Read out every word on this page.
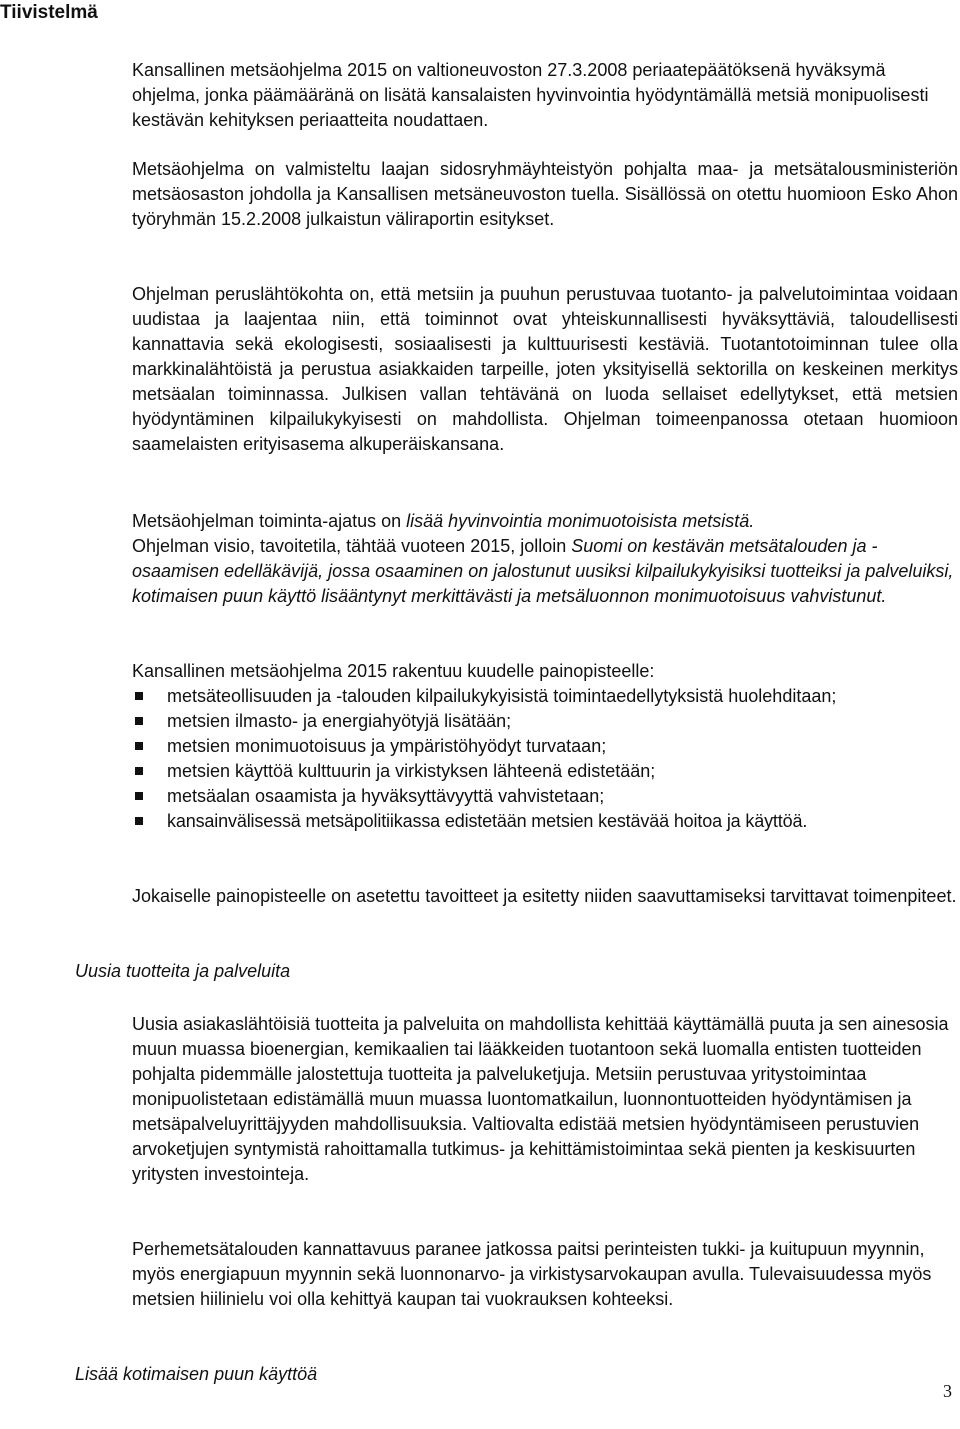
Tiivistelmä

Kansallinen metsäohjelma 2015 on valtioneuvoston 27.3.2008 periaatepäätöksenä hyväksymä ohjelma, jonka päämääränä on lisätä kansalaisten hyvinvointia hyödyntämällä metsiä monipuolisesti kestävän kehityksen periaatteita noudattaen.

Metsäohjelma on valmisteltu laajan sidosryhmäyhteistyön pohjalta maa- ja metsätalousministeriön metsäosaston johdolla ja Kansallisen metsäneuvoston tuella. Sisällössä on otettu huomioon Esko Ahon työryhmän 15.2.2008 julkaistun väliraportin esitykset.

Ohjelman peruslähtökohta on, että metsiin ja puuhun perustuvaa tuotanto- ja palvelutoimintaa voidaan uudistaa ja laajentaa niin, että toiminnot ovat yhteiskunnallisesti hyväksyttäviä, taloudellisesti kannattavia sekä ekologisesti, sosiaalisesti ja kulttuurisesti kestäviä. Tuotantotoiminnan tulee olla markkinalähtöistä ja perustua asiakkaiden tarpeille, joten yksityisellä sektorilla on keskeinen merkitys metsäalan toiminnassa. Julkisen vallan tehtävänä on luoda sellaiset edellytykset, että metsien hyödyntäminen kilpailukykyisesti on mahdollista. Ohjelman toimeenpanossa otetaan huomioon saamelaisten erityisasema alkuperäiskansana.

Metsäohjelman toiminta-ajatus on lisää hyvinvointia monimuotoisista metsistä.
Ohjelman visio, tavoitetila, tähtää vuoteen 2015, jolloin Suomi on kestävän metsätalouden ja -osaamisen edelläkävijä, jossa osaaminen on jalostunut uusiksi kilpailukykyisiksi tuotteiksi ja palveluiksi, kotimaisen puun käyttö lisääntynyt merkittävästi ja metsäluonnon monimuotoisuus vahvistunut.

Kansallinen metsäohjelma 2015 rakentuu kuudelle painopisteelle:

metsäteollisuuden ja -talouden kilpailukykyisistä toimintaedellytyksistä huolehditaan;
metsien ilmasto- ja energiahyötyjä lisätään;
metsien monimuotoisuus ja ympäristöhyödyt turvataan;
metsien käyttöä kulttuurin ja virkistyksen lähteenä edistetään;
metsäalan osaamista ja hyväksyttävyyttä vahvistetaan;
kansainvälisessä metsäpolitiikassa edistetään metsien kestävää hoitoa ja käyttöä.

Jokaiselle painopisteelle on asetettu tavoitteet ja esitetty niiden saavuttamiseksi tarvittavat toimenpiteet.

Uusia tuotteita ja palveluita

Uusia asiakaslähtöisiä tuotteita ja palveluita on mahdollista kehittää käyttämällä puuta ja sen ainesosia muun muassa bioenergian, kemikaalien tai lääkkeiden tuotantoon sekä luomalla entisten tuotteiden pohjalta pidemmälle jalostettuja tuotteita ja palveluketjuja. Metsiin perustuvaa yritystoimintaa monipuolistetaan edistämällä muun muassa luontomatkailun, luonnontuotteiden hyödyntämisen ja metsäpalveluyrittäjyyden mahdollisuuksia. Valtiovalta edistää metsien hyödyntämiseen perustuvien arvoketjujen syntymistä rahoittamalla tutkimus- ja kehittämistoimintaa sekä pienten ja keskisuurten yritysten investointeja.

Perhemetsätalouden kannattavuus paranee jatkossa paitsi perinteisten tukki- ja kuitupuun myynnin, myös energiapuun myynnin sekä luonnonarvo- ja virkistysarvokaupan avulla. Tulevaisuudessa myös metsien hiilinielu voi olla kehittyä kaupan tai vuokrauksen kohteeksi.

Lisää kotimaisen puun käyttöä

3
